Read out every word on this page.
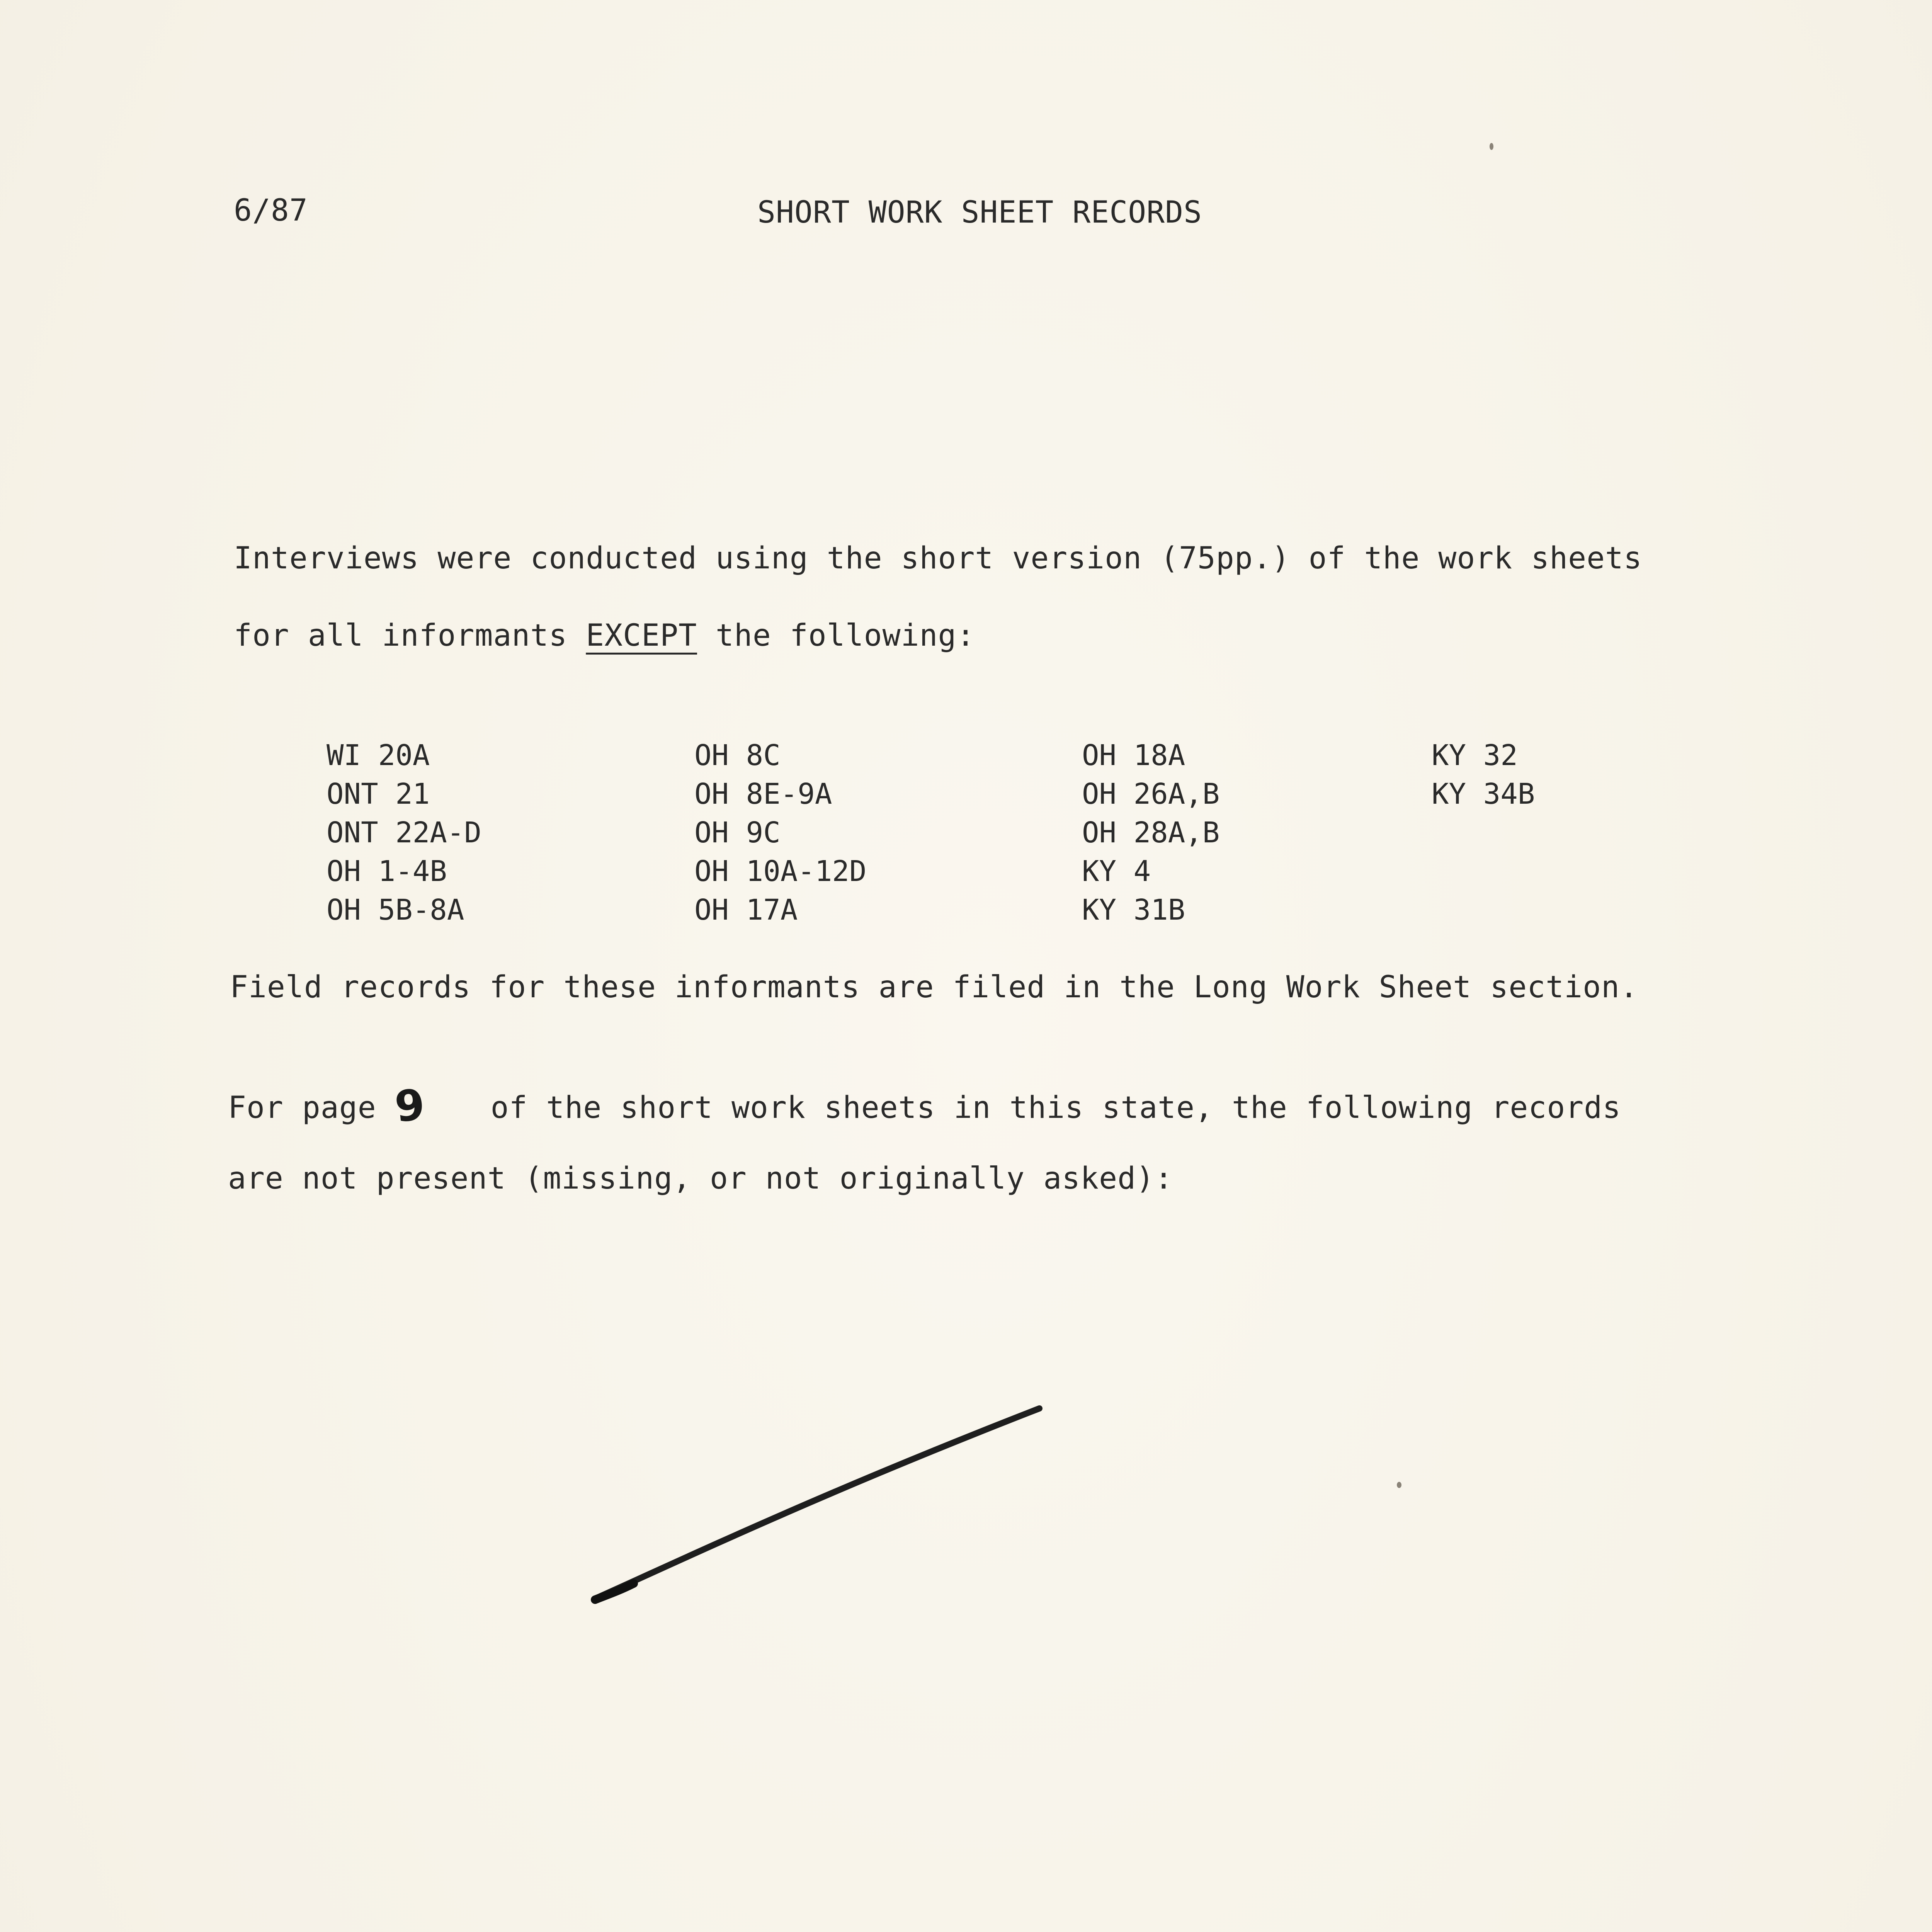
6/87	SHORT WORK SHEET RECORDS
Interviews were conducted using the short version (75pp.) of the work sheets
for all informants EXCEPT the following:
WI 20A
ONT 21
ONT 22A-D
OH 1-4B
OH 5B-8A
OH 8C
OH 8E-9A
OH 9C
OH 10A-12D
OH 17A
OH 18A
OH 26A,B
OH 28A,B
KY 4
KY 31B
KY 32
KY 34B
Field records for these informants are filed in the Long Work Sheet section.
For page 9 of the short work sheets in this state, the following records
are not present (missing, or not originally asked):
